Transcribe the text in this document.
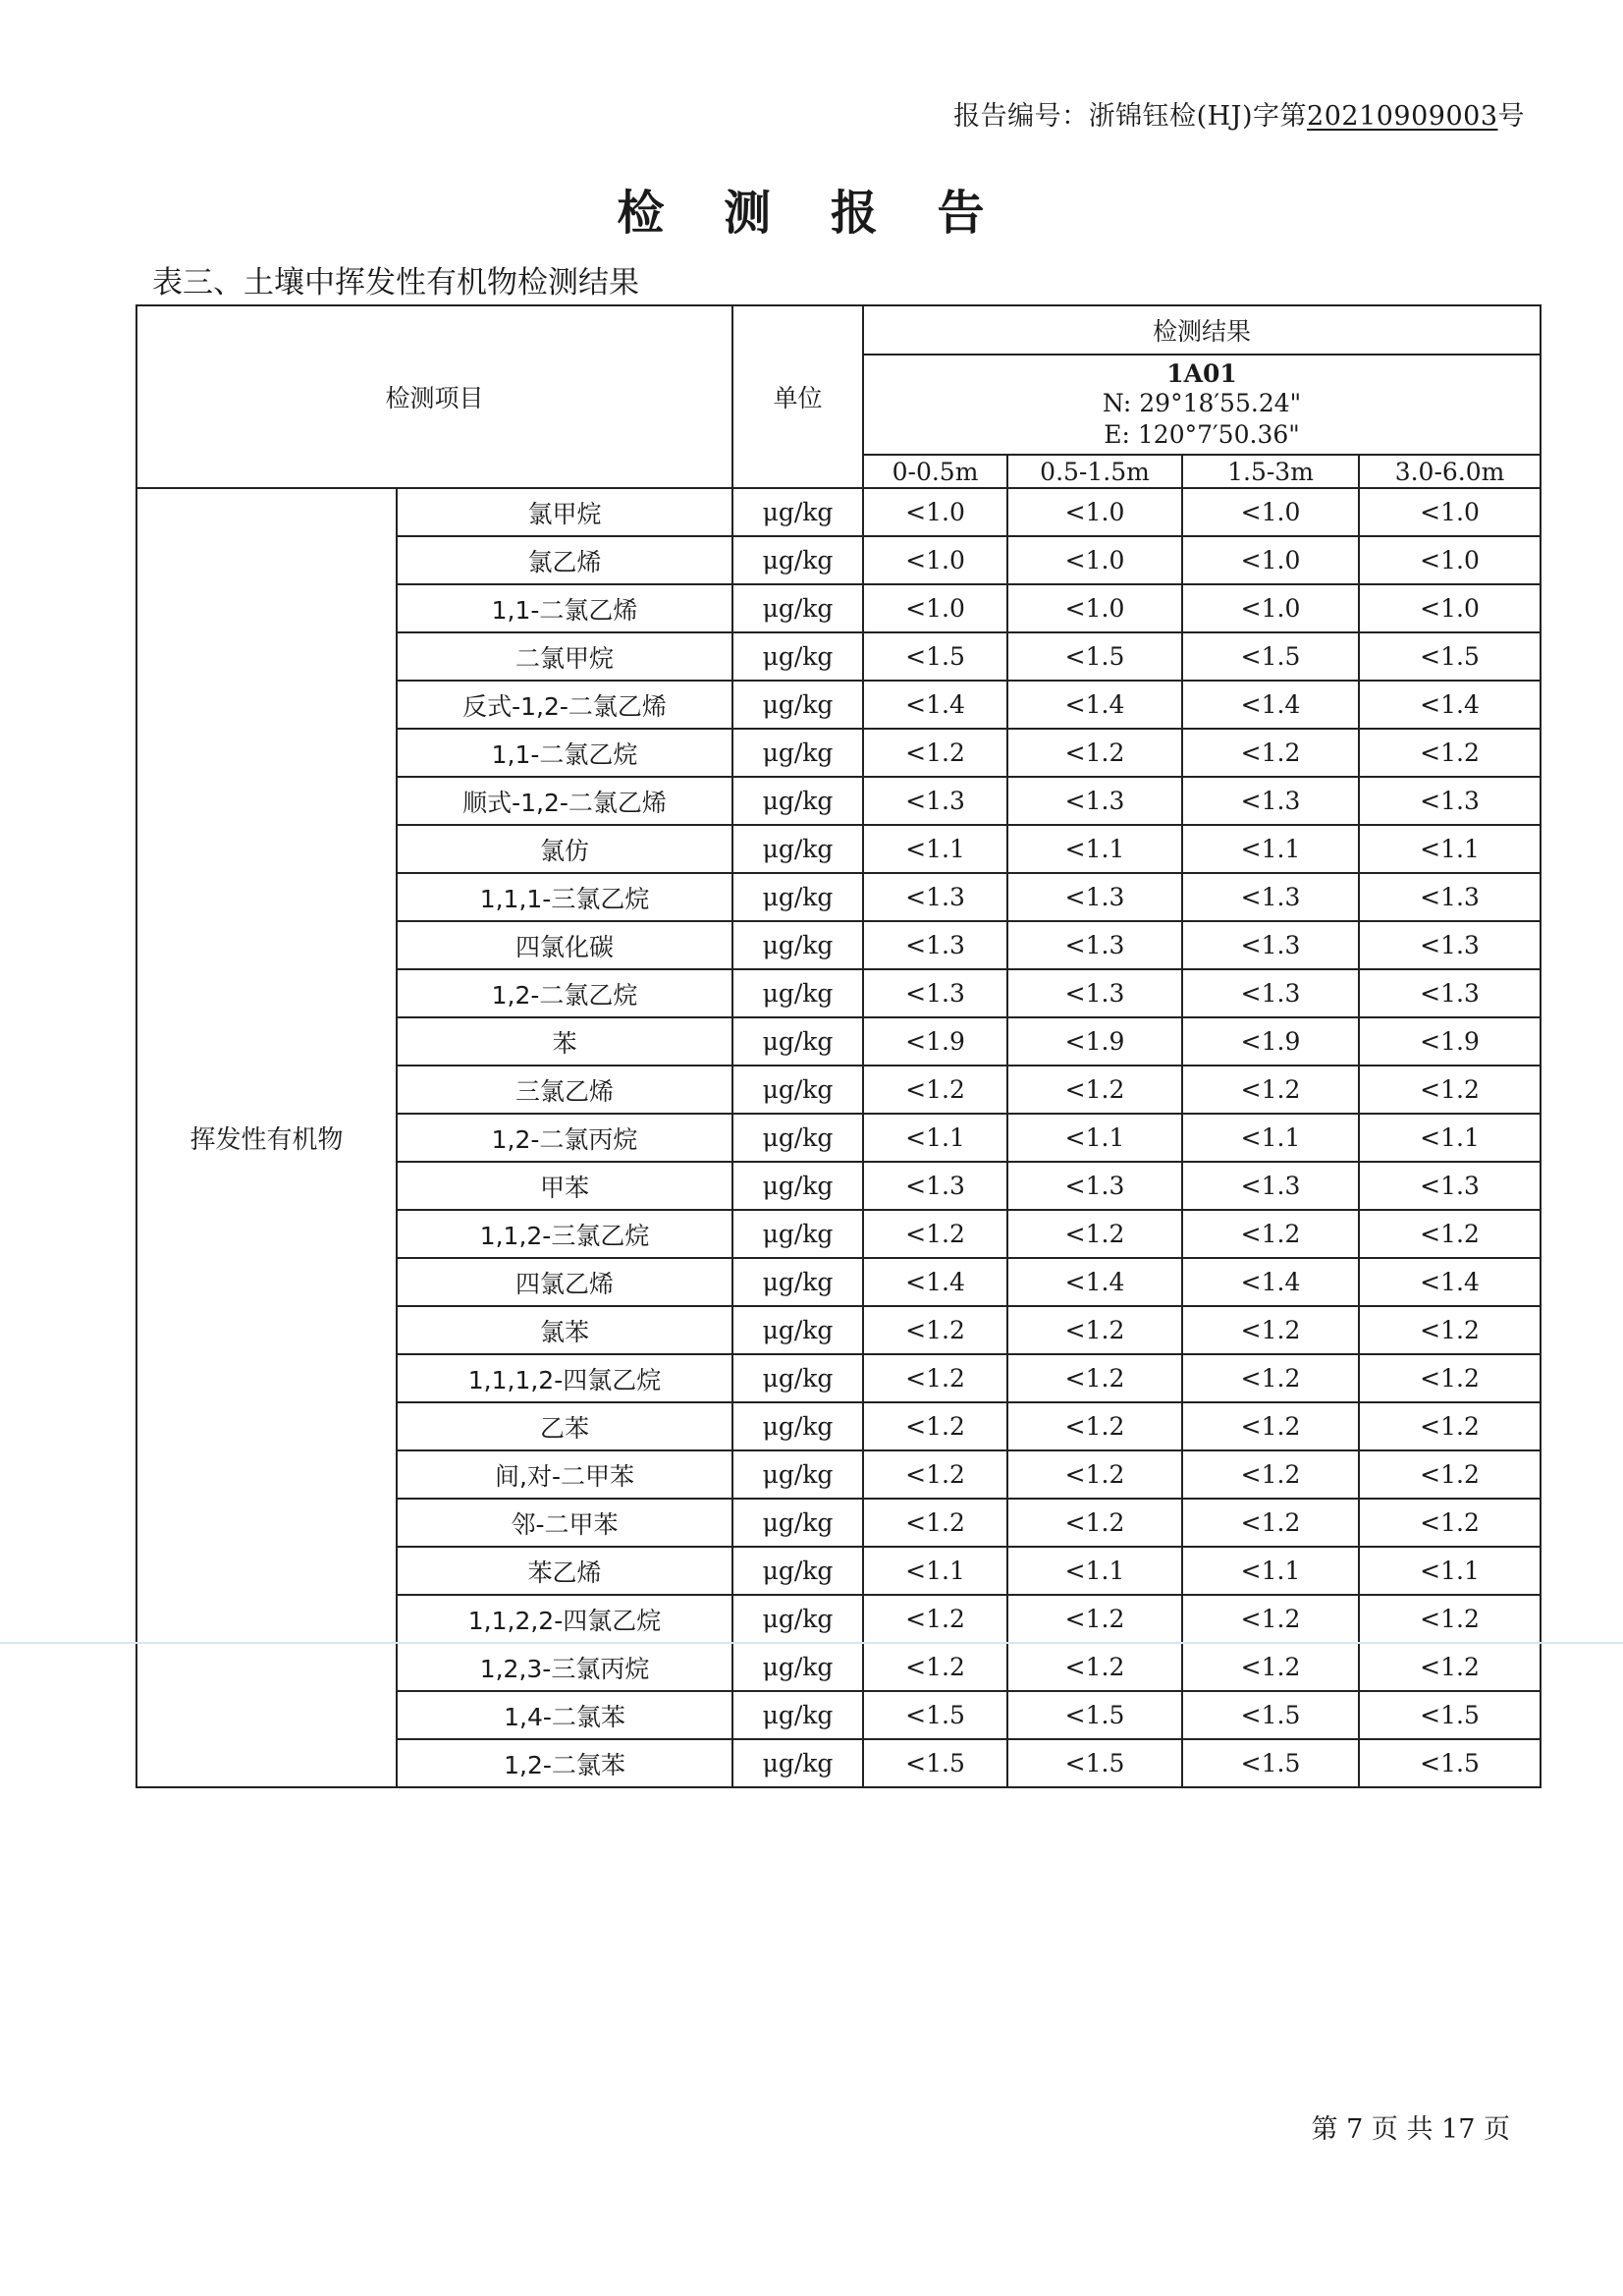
报告编号：浙锦钰检(HJ)字第20210909003号
检 测 报 告
表三、土壤中挥发性有机物检测结果
检测项目		单位	检测结果			

			1A01
N: 29°18′55.24"
E: 120°7′50.36"			

			0-0.5m	0.5-1.5m	1.5-3m	3.0-6.0m
挥发性有机物	氯甲烷	μg/kg	<1.0	<1.0	<1.0	<1.0
	氯乙烯	μg/kg	<1.0	<1.0	<1.0	<1.0
	1,1-二氯乙烯	μg/kg	<1.0	<1.0	<1.0	<1.0
	二氯甲烷	μg/kg	<1.5	<1.5	<1.5	<1.5
	反式-1,2-二氯乙烯	μg/kg	<1.4	<1.4	<1.4	<1.4
	1,1-二氯乙烷	μg/kg	<1.2	<1.2	<1.2	<1.2
	顺式-1,2-二氯乙烯	μg/kg	<1.3	<1.3	<1.3	<1.3
	氯仿	μg/kg	<1.1	<1.1	<1.1	<1.1
	1,1,1-三氯乙烷	μg/kg	<1.3	<1.3	<1.3	<1.3
	四氯化碳	μg/kg	<1.3	<1.3	<1.3	<1.3
	1,2-二氯乙烷	μg/kg	<1.3	<1.3	<1.3	<1.3
	苯	μg/kg	<1.9	<1.9	<1.9	<1.9
	三氯乙烯	μg/kg	<1.2	<1.2	<1.2	<1.2
	1,2-二氯丙烷	μg/kg	<1.1	<1.1	<1.1	<1.1
	甲苯	μg/kg	<1.3	<1.3	<1.3	<1.3
	1,1,2-三氯乙烷	μg/kg	<1.2	<1.2	<1.2	<1.2
	四氯乙烯	μg/kg	<1.4	<1.4	<1.4	<1.4
	氯苯	μg/kg	<1.2	<1.2	<1.2	<1.2
	1,1,1,2-四氯乙烷	μg/kg	<1.2	<1.2	<1.2	<1.2
	乙苯	μg/kg	<1.2	<1.2	<1.2	<1.2
	间,对-二甲苯	μg/kg	<1.2	<1.2	<1.2	<1.2
	邻-二甲苯	μg/kg	<1.2	<1.2	<1.2	<1.2
	苯乙烯	μg/kg	<1.1	<1.1	<1.1	<1.1
	1,1,2,2-四氯乙烷	μg/kg	<1.2	<1.2	<1.2	<1.2
	1,2,3-三氯丙烷	μg/kg	<1.2	<1.2	<1.2	<1.2
	1,4-二氯苯	μg/kg	<1.5	<1.5	<1.5	<1.5
	1,2-二氯苯	μg/kg	<1.5	<1.5	<1.5	<1.5
第 7 页 共 17 页
